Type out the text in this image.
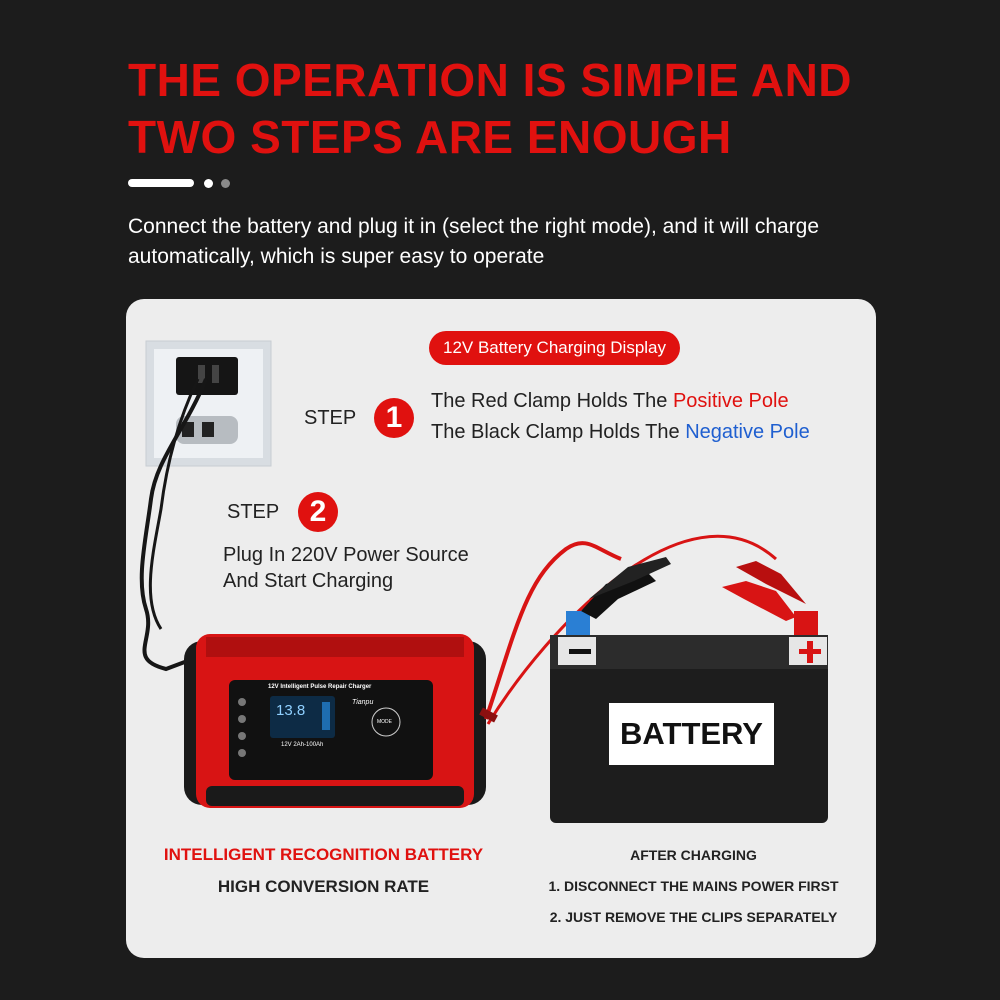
THE OPERATION IS SIMPIE AND
TWO STEPS ARE ENOUGH

Connect the battery and plug it in (select the right mode), and it will charge automatically, which is super easy to operate

12V Battery Charging Display
STEP 1	The Red Clamp Holds The Positive Pole
The Black Clamp Holds The Negative Pole
STEP	2
Plug In 220V Power Source
And Start Charging
12V Intelligent Pulse Repair Charger
13.8	Tianpu
12V 2Ah-100Ah
MODE	BATTERY
INTELLIGENT RECOGNITION BATTERY
HIGH CONVERSION RATE
AFTER CHARGING
1. DISCONNECT THE MAINS POWER FIRST
2. JUST REMOVE THE CLIPS SEPARATELY
